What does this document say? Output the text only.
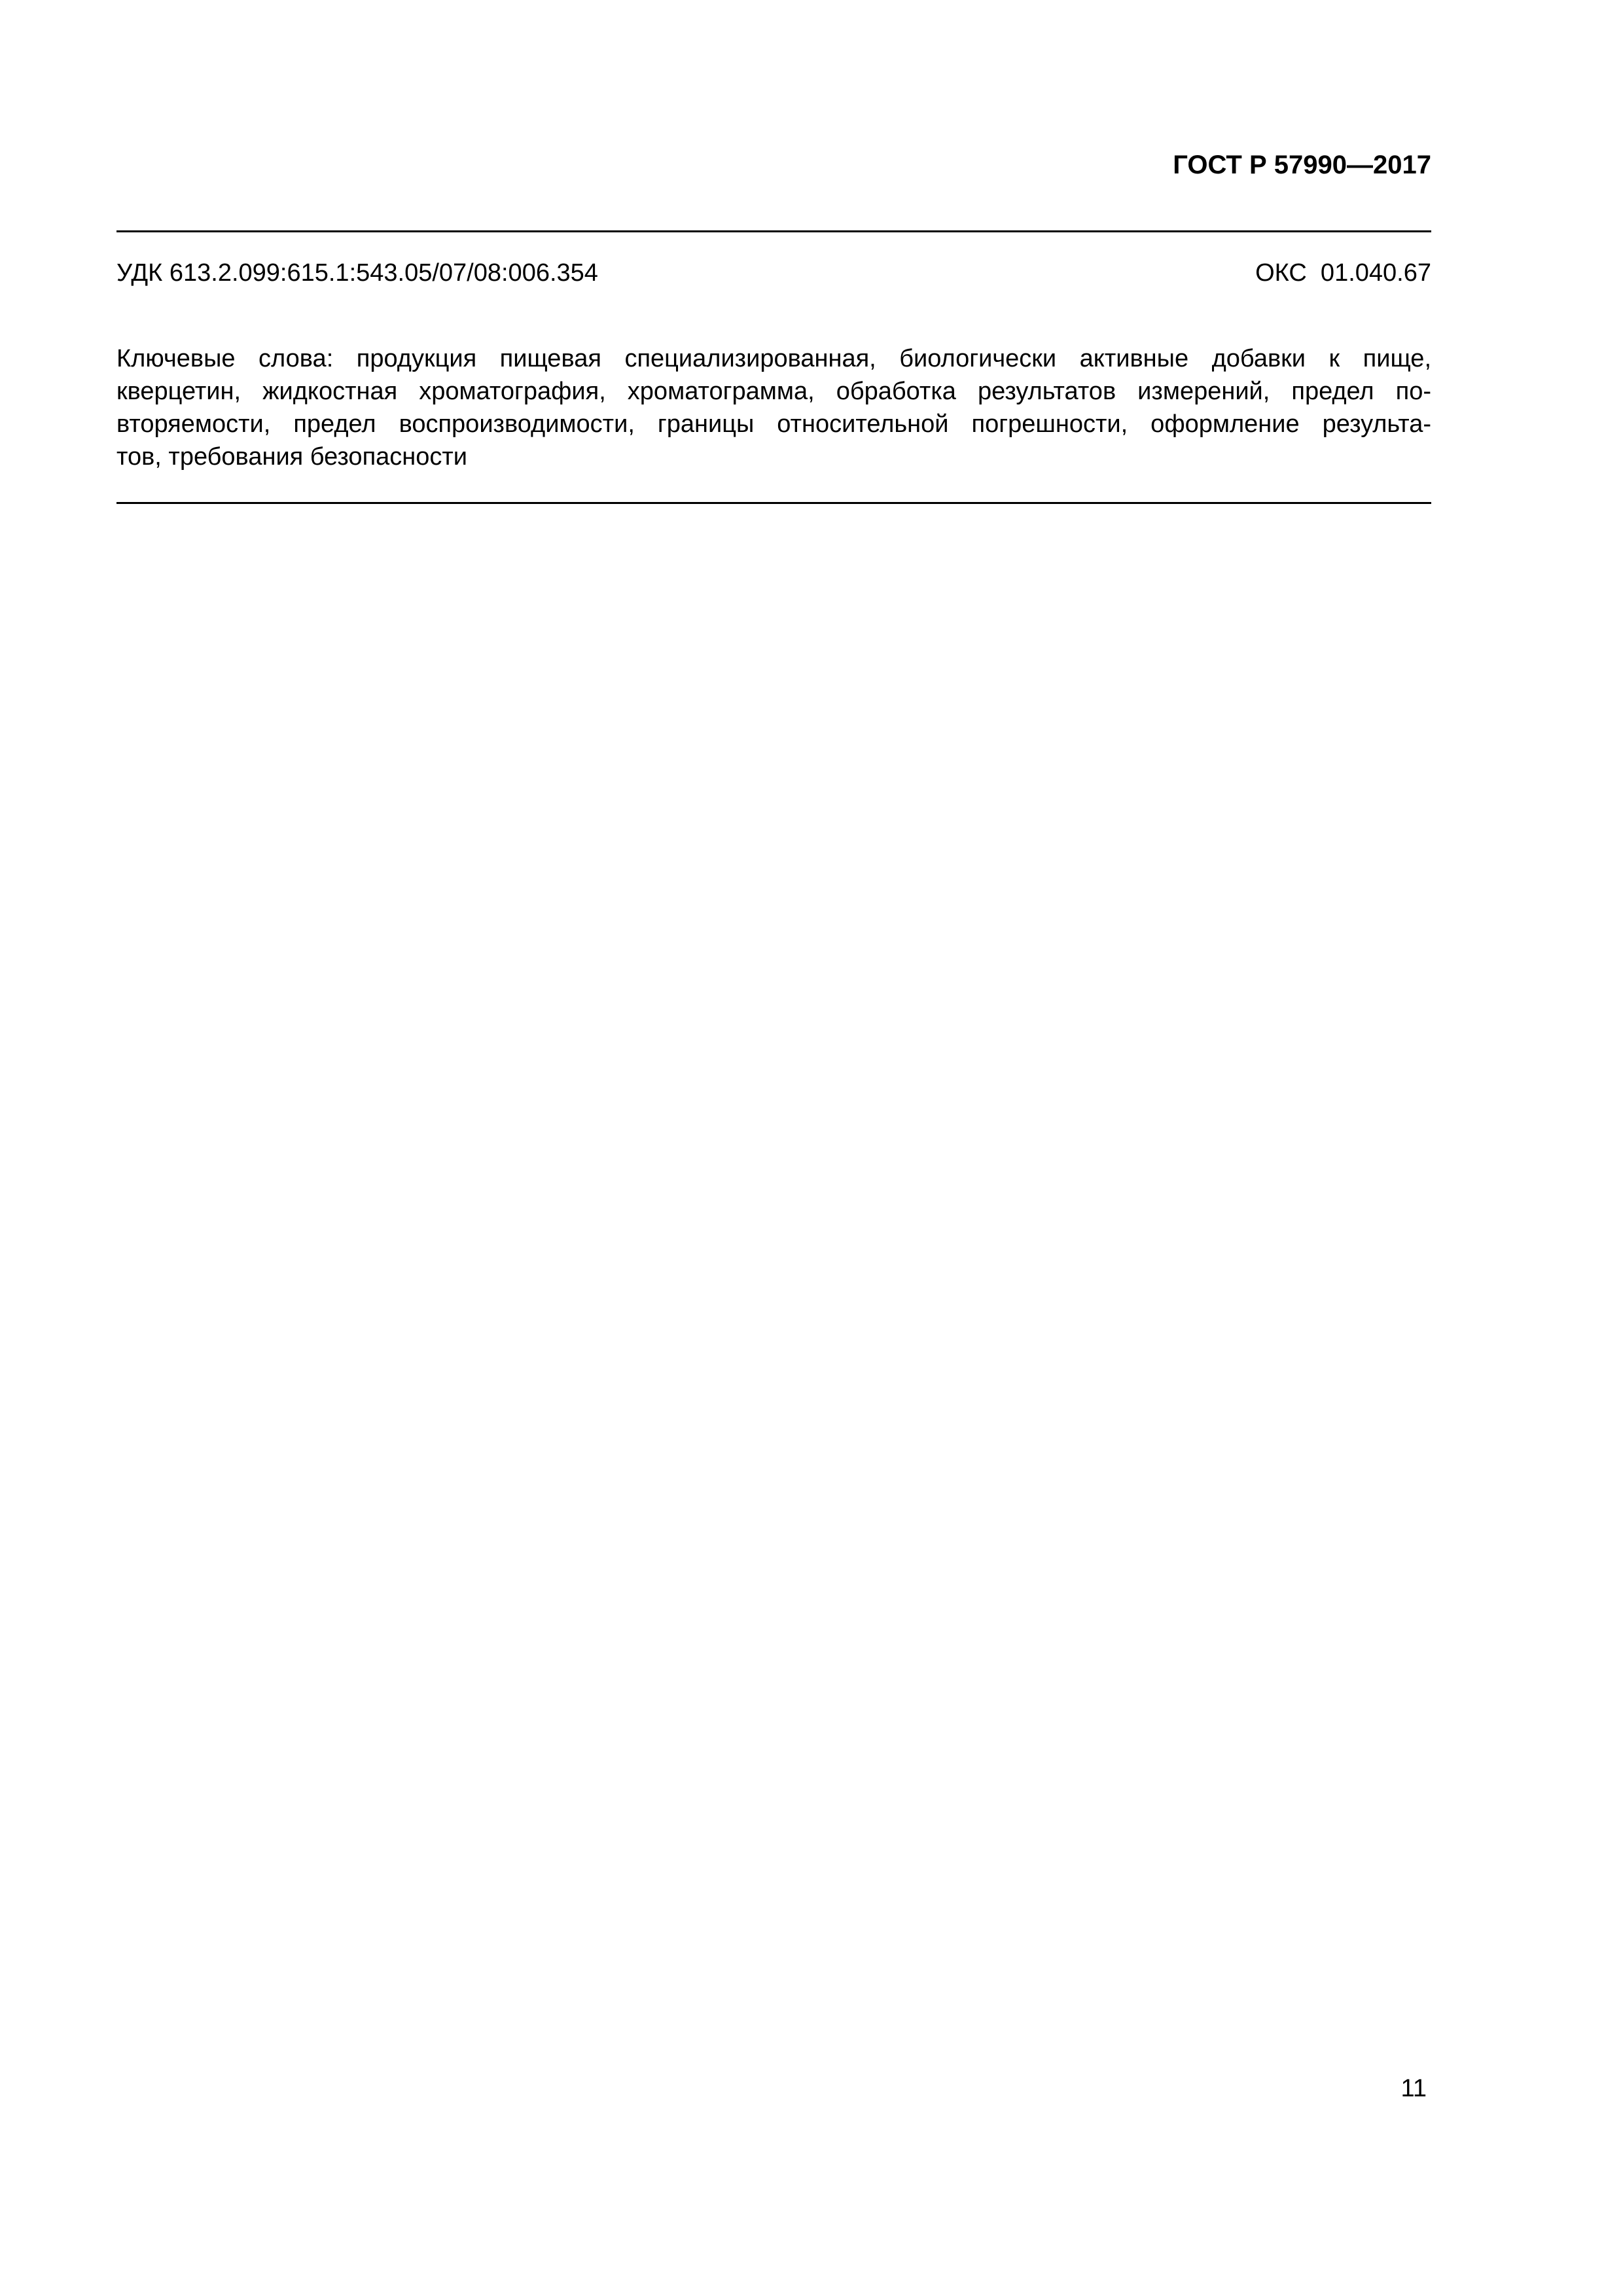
ГОСТ Р 57990—2017
УДК 613.2.099:615.1:543.05/07/08:006.354	ОКС  01.040.67
Ключевые слова: продукция пищевая специализированная, биологически активные добавки к пище,
кверцетин, жидкостная хроматография, хроматограмма, обработка результатов измерений, предел по-
вторяемости, предел воспроизводимости, границы относительной погрешности, оформление результа-
тов, требования безопасности
11
